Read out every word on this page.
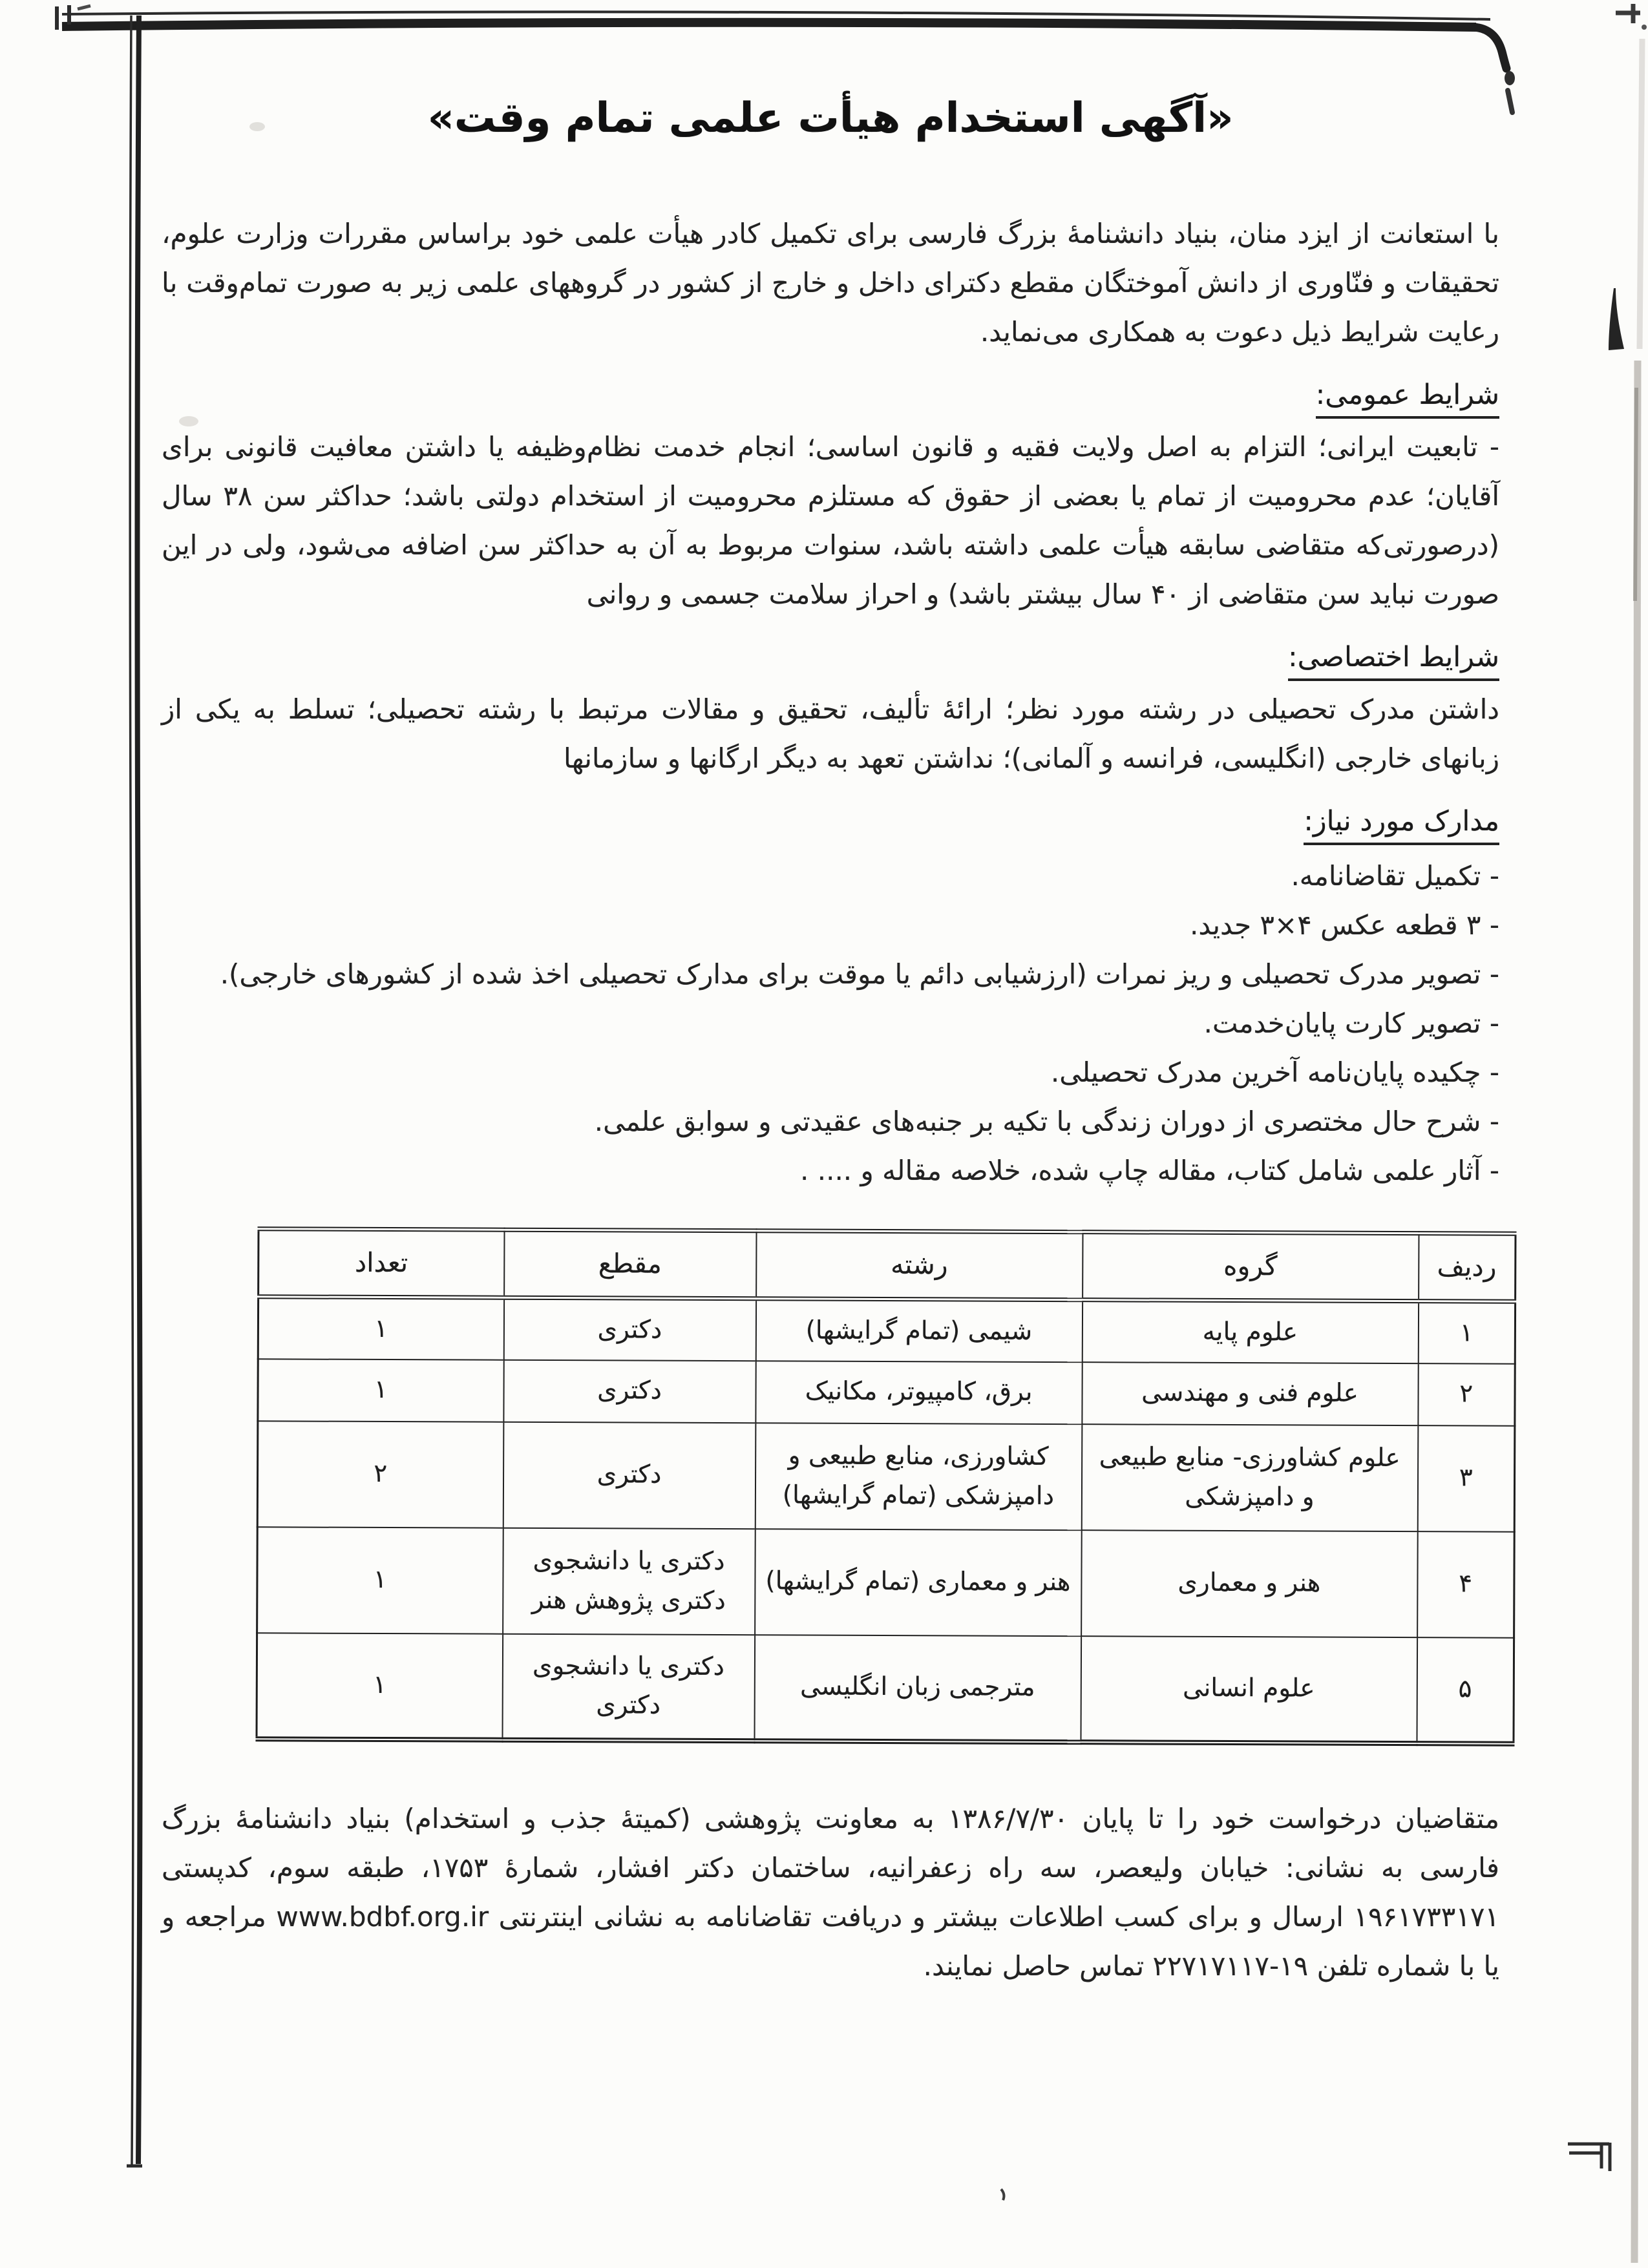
«آگهی استخدام هیأت علمی تمام وقت»

با استعانت از ایزد منان، بنیاد دانشنامهٔ بزرگ فارسی برای تکمیل کادر هیأت علمی خود براساس مقررات وزارت علوم، تحقیقات و فنّاوری از دانش آموختگان مقطع دکترای داخل و خارج از کشور در گروههای علمی زیر به صورت تمام‌وقت با رعایت شرایط ذیل دعوت به همکاری می‌نماید.

شرایط عمومی:

- تابعیت ایرانی؛ التزام به اصل ولایت فقیه و قانون اساسی؛ انجام خدمت نظام‌وظیفه یا داشتن معافیت قانونی برای آقایان؛ عدم محرومیت از تمام یا بعضی از حقوق که مستلزم محرومیت از استخدام دولتی باشد؛ حداکثر سن ۳۸ سال (درصورتی‌که متقاضی سابقه هیأت علمی داشته باشد، سنوات مربوط به آن به حداکثر سن اضافه می‌شود، ولی در این صورت نباید سن متقاضی از ۴۰ سال بیشتر باشد) و احراز سلامت جسمی و روانی

شرایط اختصاصی:

داشتن مدرک تحصیلی در رشته مورد نظر؛ ارائهٔ تألیف، تحقیق و مقالات مرتبط با رشته تحصیلی؛ تسلط به یکی از زبانهای خارجی (انگلیسی، فرانسه و آلمانی)؛ نداشتن تعهد به دیگر ارگانها و سازمانها

مدارک مورد نیاز:
- تکمیل تقاضانامه.
- ۳ قطعه عکس ۴×۳ جدید.
- تصویر مدرک تحصیلی و ریز نمرات (ارزشیابی دائم یا موقت برای مدارک تحصیلی اخذ شده از کشورهای خارجی).
- تصویر کارت پایان‌خدمت.
- چکیده پایان‌نامه آخرین مدرک تحصیلی.
- شرح حال مختصری از دوران زندگی با تکیه بر جنبه‌های عقیدتی و سوابق علمی.
- آثار علمی شامل کتاب، مقاله چاپ شده، خلاصه مقاله و .... .
ردیف	گروه	رشته	مقطع	تعداد
۱	علوم پایه	شیمی (تمام گرایشها)	دکتری	۱
۲	علوم فنی و مهندسی	برق، کامپیوتر، مکانیک	دکتری	۱
۳	علوم کشاورزی- منابع طبیعی و دامپزشکی	کشاورزی، منابع طبیعی و دامپزشکی (تمام گرایشها)	دکتری	۲
۴	هنر و معماری	هنر و معماری (تمام گرایشها)	دکتری یا دانشجوی دکتری پژوهش هنر	۱
۵	علوم انسانی	مترجمی زبان انگلیسی	دکتری یا دانشجوی دکتری	۱

متقاضیان درخواست خود را تا پایان ۱۳۸۶/۷/۳۰ به معاونت پژوهشی (کمیتهٔ جذب و استخدام) بنیاد دانشنامهٔ بزرگ فارسی به نشانی: خیابان ولیعصر، سه راه زعفرانیه، ساختمان دکتر افشار، شمارهٔ ۱۷۵۳، طبقه سوم، کدپستی ۱۹۶۱۷۳۳۱۷۱ ارسال و برای کسب اطلاعات بیشتر و دریافت تقاضانامه به نشانی اینترنتی www.bdbf.org.ir مراجعه و یا با شماره تلفن ‪۲۲۷۱۷۱۱۷-۱۹‬ تماس حاصل نمایند.
